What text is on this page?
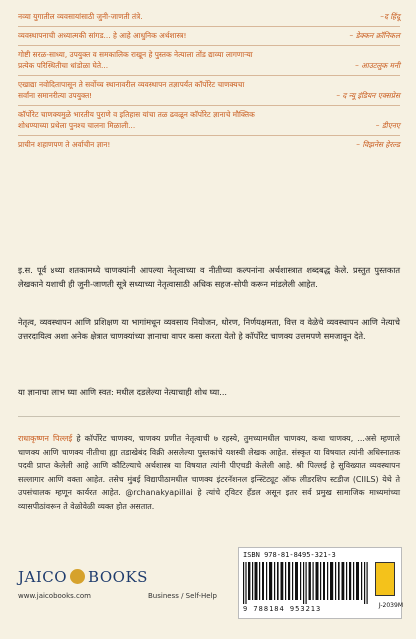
–द हिंदू
नव्या युगातील व्यवसायांसाठी जुनी-जाणती तंत्रे.
– डेक्कन क्रॉनिकल
व्यवस्थापनाची अध्यात्मकी सांगड... हे आहे आधुनिक अर्थशास्त्र!
गोष्टी सरळ-साध्या, उपयुक्त व समकालिक राखून हे पुस्तक नेत्याला तोंड द्याव्या लागणाऱ्या
– आउटलुक मनी
प्रत्येक परिस्थितीचा धांडोळा घेते...
एखाद्या नवोदितापासून ते सर्वोच्च स्थानावरील व्यवस्थापन तज्ञापर्यंत कॉर्पोरेट चाणक्यचा
– द न्यू इंडियन एक्सप्रेस
सर्वांना समानरीत्या उपयुक्त!
कॉर्पोरेट चाणक्यमुळे भारतीय पुराणे व इतिहास यांचा तळ ढवळून कॉर्पोरेट ज्ञानाचे मौक्तिक
– डीएनए
शोधण्याच्या प्रथेला पुनश्च चालना मिळाली...
– विझनेस हेरल्ड
प्राचीन शहाणपण ते अर्वाचीन ज्ञान!
इ.स. पूर्व ४थ्या शतकामध्ये चाणक्यांनी आपल्या नेतृत्वाच्या व नीतीच्या कल्पनांना अर्थशास्त्रात शब्दबद्ध केले. प्रस्तुत पुस्तकात लेखकाने यशाची ही जुनी-जाणती सूत्रे सध्याच्या नेतृत्वासाठी अधिक सहज-सोपी करून मांडलेली आहेत.
नेतृत्व, व्यवस्थापन आणि प्रशिक्षण या भागांमधून व्यवसाय नियोजन, धोरण, निर्णयक्षमता, वित्त व वेळेचे व्यवस्थापन आणि नेत्याचे उत्तरदायित्व अशा अनेक क्षेत्रात चाणक्यांच्या ज्ञानाचा वापर कसा करता येतो हे कॉर्पोरेट चाणक्य उत्तमपणे समजावून देते.
या ज्ञानाचा लाभ घ्या आणि स्वत: मधील दडलेल्या नेत्याचाही शोध घ्या...
राधाकृष्णन पिल्लई हे कॉर्पोरेट चाणक्य, चाणक्य प्रणीत नेतृत्वाची ७ रहस्ये, तुमच्यामधील चाणक्य, कथा चाणक्य, ...असे म्हणाले चाणक्य आणि चाणक्य नीतीचा ह्या तडाखेबंद विक्री असलेल्या पुस्तकांचे यशस्वी लेखक आहेत. संस्कृत या विषयात त्यांनी अधिस्नातक पदवी प्राप्त केलेली आहे आणि कौटिल्याचे अर्थशास्त्र या विषयात त्यांनी पीएचडी केलेली आहे. श्री पिल्लई हे सुविख्यात व्यवस्थापन सल्लागार आणि वक्ता आहेत. तसेच मुंबई विद्यापीठामधील चाणक्य इंटरनॅशनल इन्स्टिट्यूट ऑफ लीडरशिप स्टडीज (CIILS) येथे ते उपसंचालक म्हणून कार्यरत आहेत. @rchanakyapillai हे त्यांचे ट्विटर हँडल असून इतर सर्व प्रमुख सामाजिक माध्यमांच्या व्यासपीठांवरून ते वेळोवेळी व्यक्त होत असतात.
ISBN 978-81-8495-321-3
9 788184 953213	J-2039M
JAICO BOOKS
www.jaicobooks.com	Business / Self-Help
